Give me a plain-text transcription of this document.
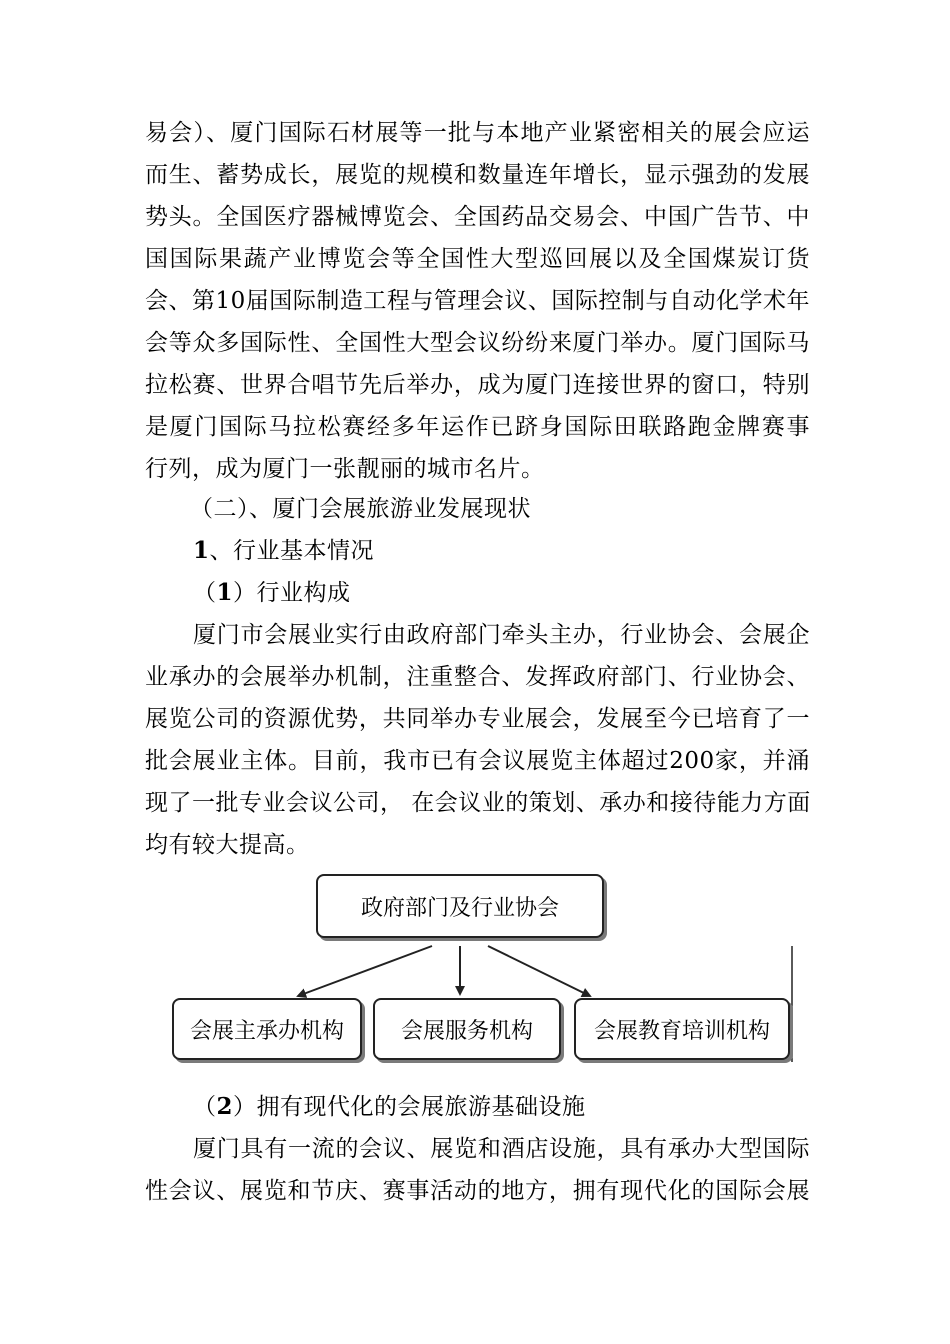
易会）、厦门国际石材展等一批与本地产业紧密相关的展会应运
而生、蓄势成长，展览的规模和数量连年增长，显示强劲的发展
势头。全国医疗器械博览会、全国药品交易会、中国广告节、中
国国际果蔬产业博览会等全国性大型巡回展以及全国煤炭订货
会、第10届国际制造工程与管理会议、国际控制与自动化学术年
会等众多国际性、全国性大型会议纷纷来厦门举办。厦门国际马
拉松赛、世界合唱节先后举办，成为厦门连接世界的窗口，特别
是厦门国际马拉松赛经多年运作已跻身国际田联路跑金牌赛事
行列，成为厦门一张靓丽的城市名片。
（二）、厦门会展旅游业发展现状
1、行业基本情况
（1）行业构成
厦门市会展业实行由政府部门牵头主办，行业协会、会展企
业承办的会展举办机制，注重整合、发挥政府部门、行业协会、
展览公司的资源优势，共同举办专业展会，发展至今已培育了一
批会展业主体。目前，我市已有会议展览主体超过200家，并涌
现了一批专业会议公司， 在会议业的策划、承办和接待能力方面
均有较大提高。
政府部门及行业协会
会展主承办机构	会展服务机构	会展教育培训机构
（2）拥有现代化的会展旅游基础设施
厦门具有一流的会议、展览和酒店设施，具有承办大型国际
性会议、展览和节庆、赛事活动的地方，拥有现代化的国际会展
